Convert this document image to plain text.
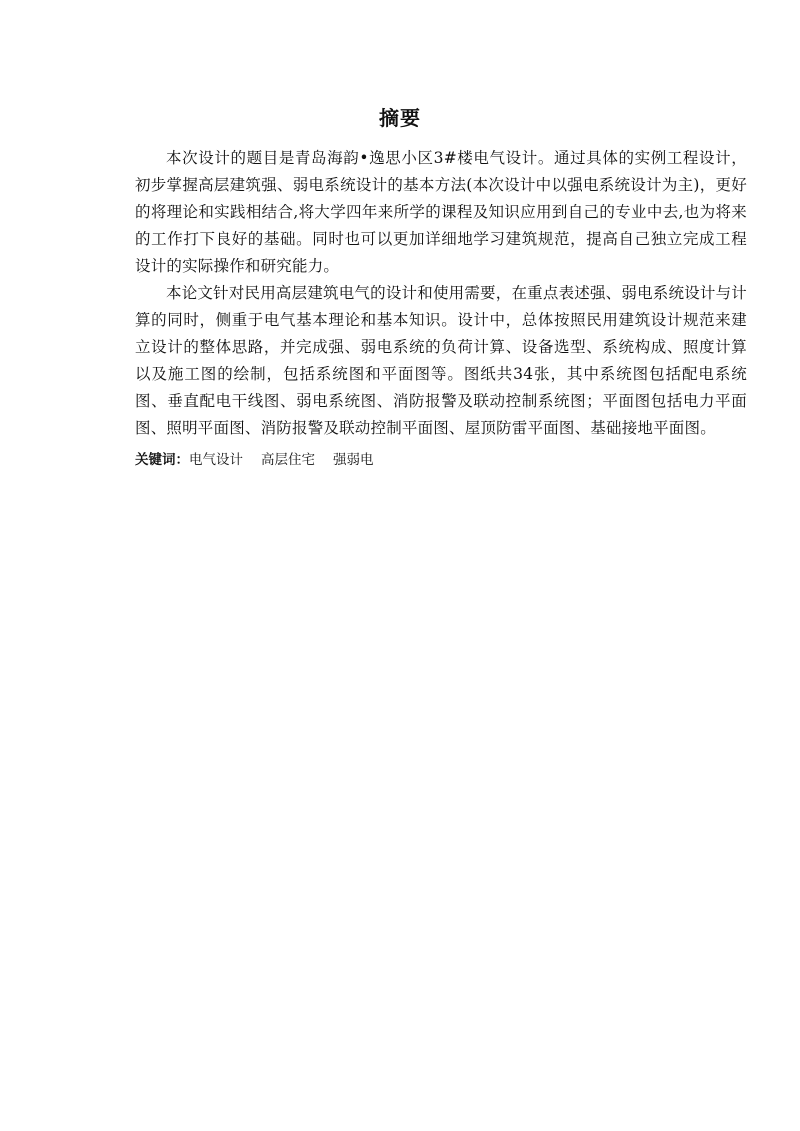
摘要

本次设计的题目是青岛海韵•逸思小区3#楼电气设计。通过具体的实例工程设计，初步掌握高层建筑强、弱电系统设计的基本方法(本次设计中以强电系统设计为主)，更好的将理论和实践相结合,将大学四年来所学的课程及知识应用到自己的专业中去,也为将来的工作打下良好的基础。同时也可以更加详细地学习建筑规范，提高自己独立完成工程设计的实际操作和研究能力。

本论文针对民用高层建筑电气的设计和使用需要，在重点表述强、弱电系统设计与计算的同时，侧重于电气基本理论和基本知识。设计中，总体按照民用建筑设计规范来建立设计的整体思路，并完成强、弱电系统的负荷计算、设备选型、系统构成、照度计算以及施工图的绘制，包括系统图和平面图等。图纸共34张，其中系统图包括配电系统图、垂直配电干线图、弱电系统图、消防报警及联动控制系统图；平面图包括电力平面图、照明平面图、消防报警及联动控制平面图、屋顶防雷平面图、基础接地平面图。

关键词：电气设计 高层住宅 强弱电
